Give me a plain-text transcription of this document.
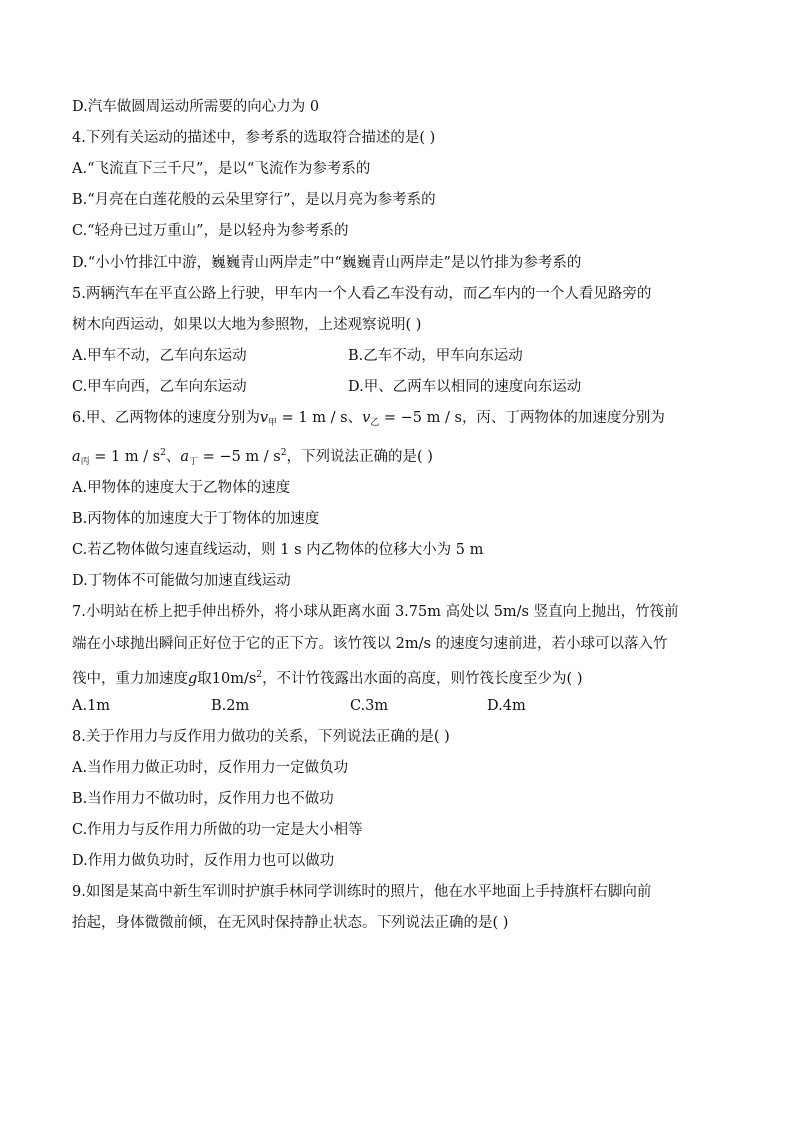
D.汽车做圆周运动所需要的向心力为 0
4.下列有关运动的描述中，参考系的选取符合描述的是( )
A.“飞流直下三千尺”，是以“飞流作为参考系的
B.“月亮在白莲花般的云朵里穿行”，是以月亮为参考系的
C.“轻舟已过万重山”，是以轻舟为参考系的
D.“小小竹排江中游，巍巍青山两岸走”中“巍巍青山两岸走”是以竹排为参考系的
5.两辆汽车在平直公路上行驶，甲车内一个人看乙车没有动，而乙车内的一个人看见路旁的
树木向西运动，如果以大地为参照物，上述观察说明( )
A.甲车不动，乙车向东运动	B.乙车不动，甲车向东运动
C.甲车向西，乙车向东运动	D.甲、乙两车以相同的速度向东运动
6.甲、乙两物体的速度分别为$v_甲 = 1$ m / s、$v_乙 = -5$ m / s，丙、丁两物体的加速度分别为
$a_丙 = 1$ m / $s^2$、$a_丁 = -5$ m / $s^2$，下列说法正确的是( )
A.甲物体的速度大于乙物体的速度
B.丙物体的加速度大于丁物体的加速度
C.若乙物体做匀速直线运动，则 1 s 内乙物体的位移大小为 5 m
D.丁物体不可能做匀加速直线运动
7.小明站在桥上把手伸出桥外，将小球从距离水面 3.75m 高处以 5m/s 竖直向上抛出，竹筏前
端在小球抛出瞬间正好位于它的正下方。该竹筏以 2m/s 的速度匀速前进，若小球可以落入竹
筏中，重力加速度g取$10m/s^2$，不计竹筏露出水面的高度，则竹筏长度至少为( )
A.1m	B.2m	C.3m	D.4m
8.关于作用力与反作用力做功的关系，下列说法正确的是( )
A.当作用力做正功时，反作用力一定做负功
B.当作用力不做功时，反作用力也不做功
C.作用力与反作用力所做的功一定是大小相等
D.作用力做负功时，反作用力也可以做功
9.如图是某高中新生军训时护旗手林同学训练时的照片，他在水平地面上手持旗杆右脚向前
抬起，身体微微前倾，在无风时保持静止状态。下列说法正确的是( )
